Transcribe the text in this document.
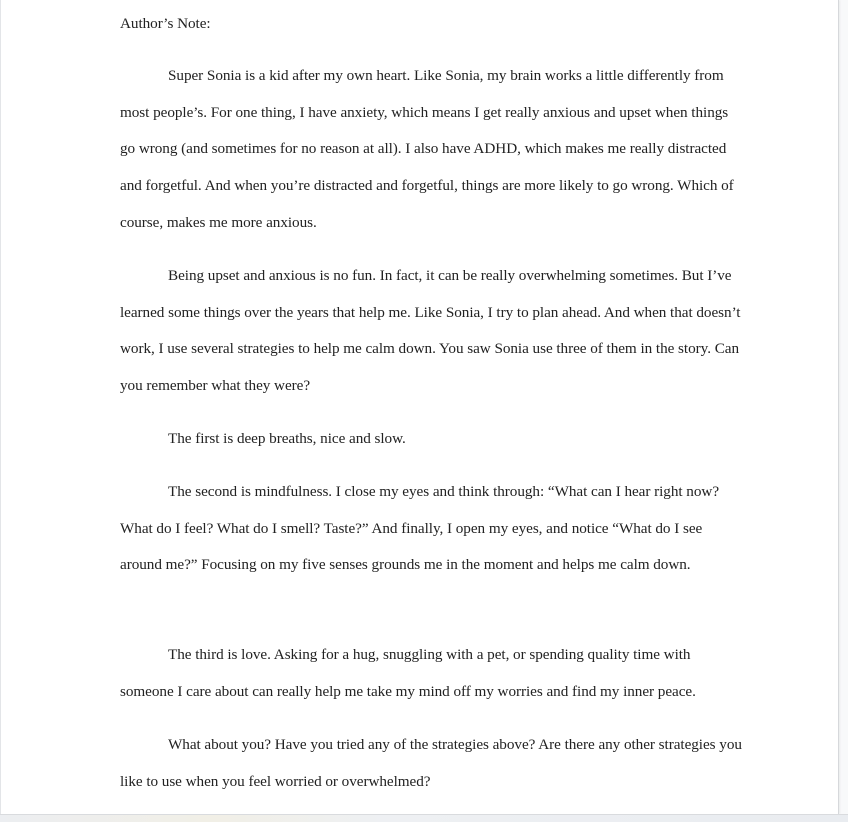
Author’s Note:

Super Sonia is a kid after my own heart. Like Sonia, my brain works a little differently from most people’s. For one thing, I have anxiety, which means I get really anxious and upset when things go wrong (and sometimes for no reason at all). I also have ADHD, which makes me really distracted and forgetful. And when you’re distracted and forgetful, things are more likely to go wrong. Which of course, makes me more anxious.

Being upset and anxious is no fun. In fact, it can be really overwhelming sometimes. But I’ve learned some things over the years that help me. Like Sonia, I try to plan ahead. And when that doesn’t work, I use several strategies to help me calm down. You saw Sonia use three of them in the story. Can you remember what they were?

The first is deep breaths, nice and slow.

The second is mindfulness. I close my eyes and think through: “What can I hear right now? What do I feel? What do I smell? Taste?” And finally, I open my eyes, and notice “What do I see around me?” Focusing on my five senses grounds me in the moment and helps me calm down.

The third is love. Asking for a hug, snuggling with a pet, or spending quality time with someone I care about can really help me take my mind off my worries and find my inner peace.

What about you? Have you tried any of the strategies above? Are there any other strategies you like to use when you feel worried or overwhelmed?
